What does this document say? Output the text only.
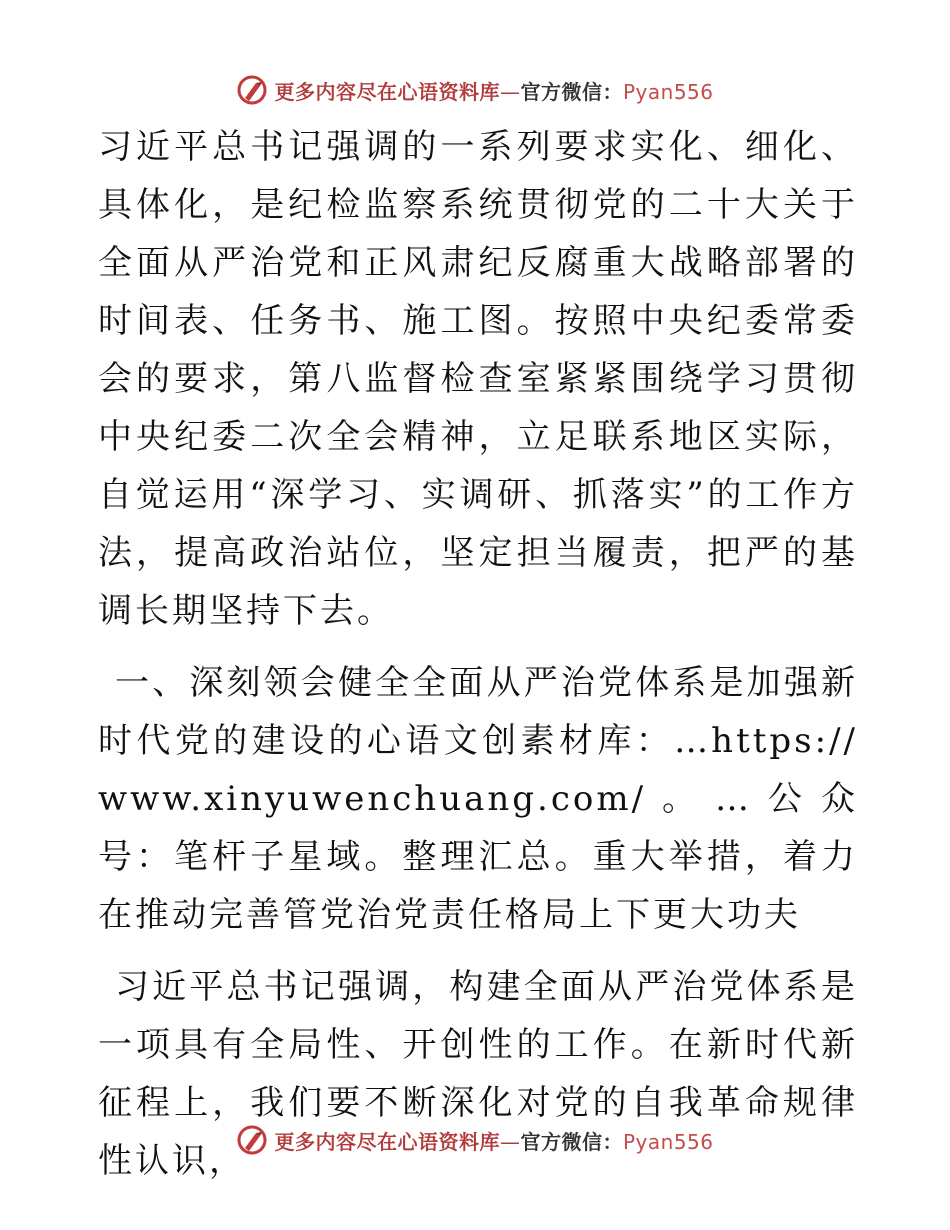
更多内容尽在心语资料库—官方微信：Pyan556

习近平总书记强调的一系列要求实化、细化、具体化，是纪检监察系统贯彻党的二十大关于全面从严治党和正风肃纪反腐重大战略部署的时间表、任务书、施工图。按照中央纪委常委会的要求，第八监督检查室紧紧围绕学习贯彻中央纪委二次全会精神，立足联系地区实际，自觉运用“深学习、实调研、抓落实”的工作方法，提高政治站位，坚定担当履责，把严的基调长期坚持下去。

一、深刻领会健全全面从严治党体系是加强新时代党的建设的心语文创素材库：…https://www.xinyuwenchuang.com/。…公众号：笔杆子星域。整理汇总。重大举措，着力在推动完善管党治党责任格局上下更大功夫

习近平总书记强调，构建全面从严治党体系是一项具有全局性、开创性的工作。在新时代新征程上，我们要不断深化对党的自我革命规律性认识，	更多内容尽在心语资料库—官方微信：Pyan556
